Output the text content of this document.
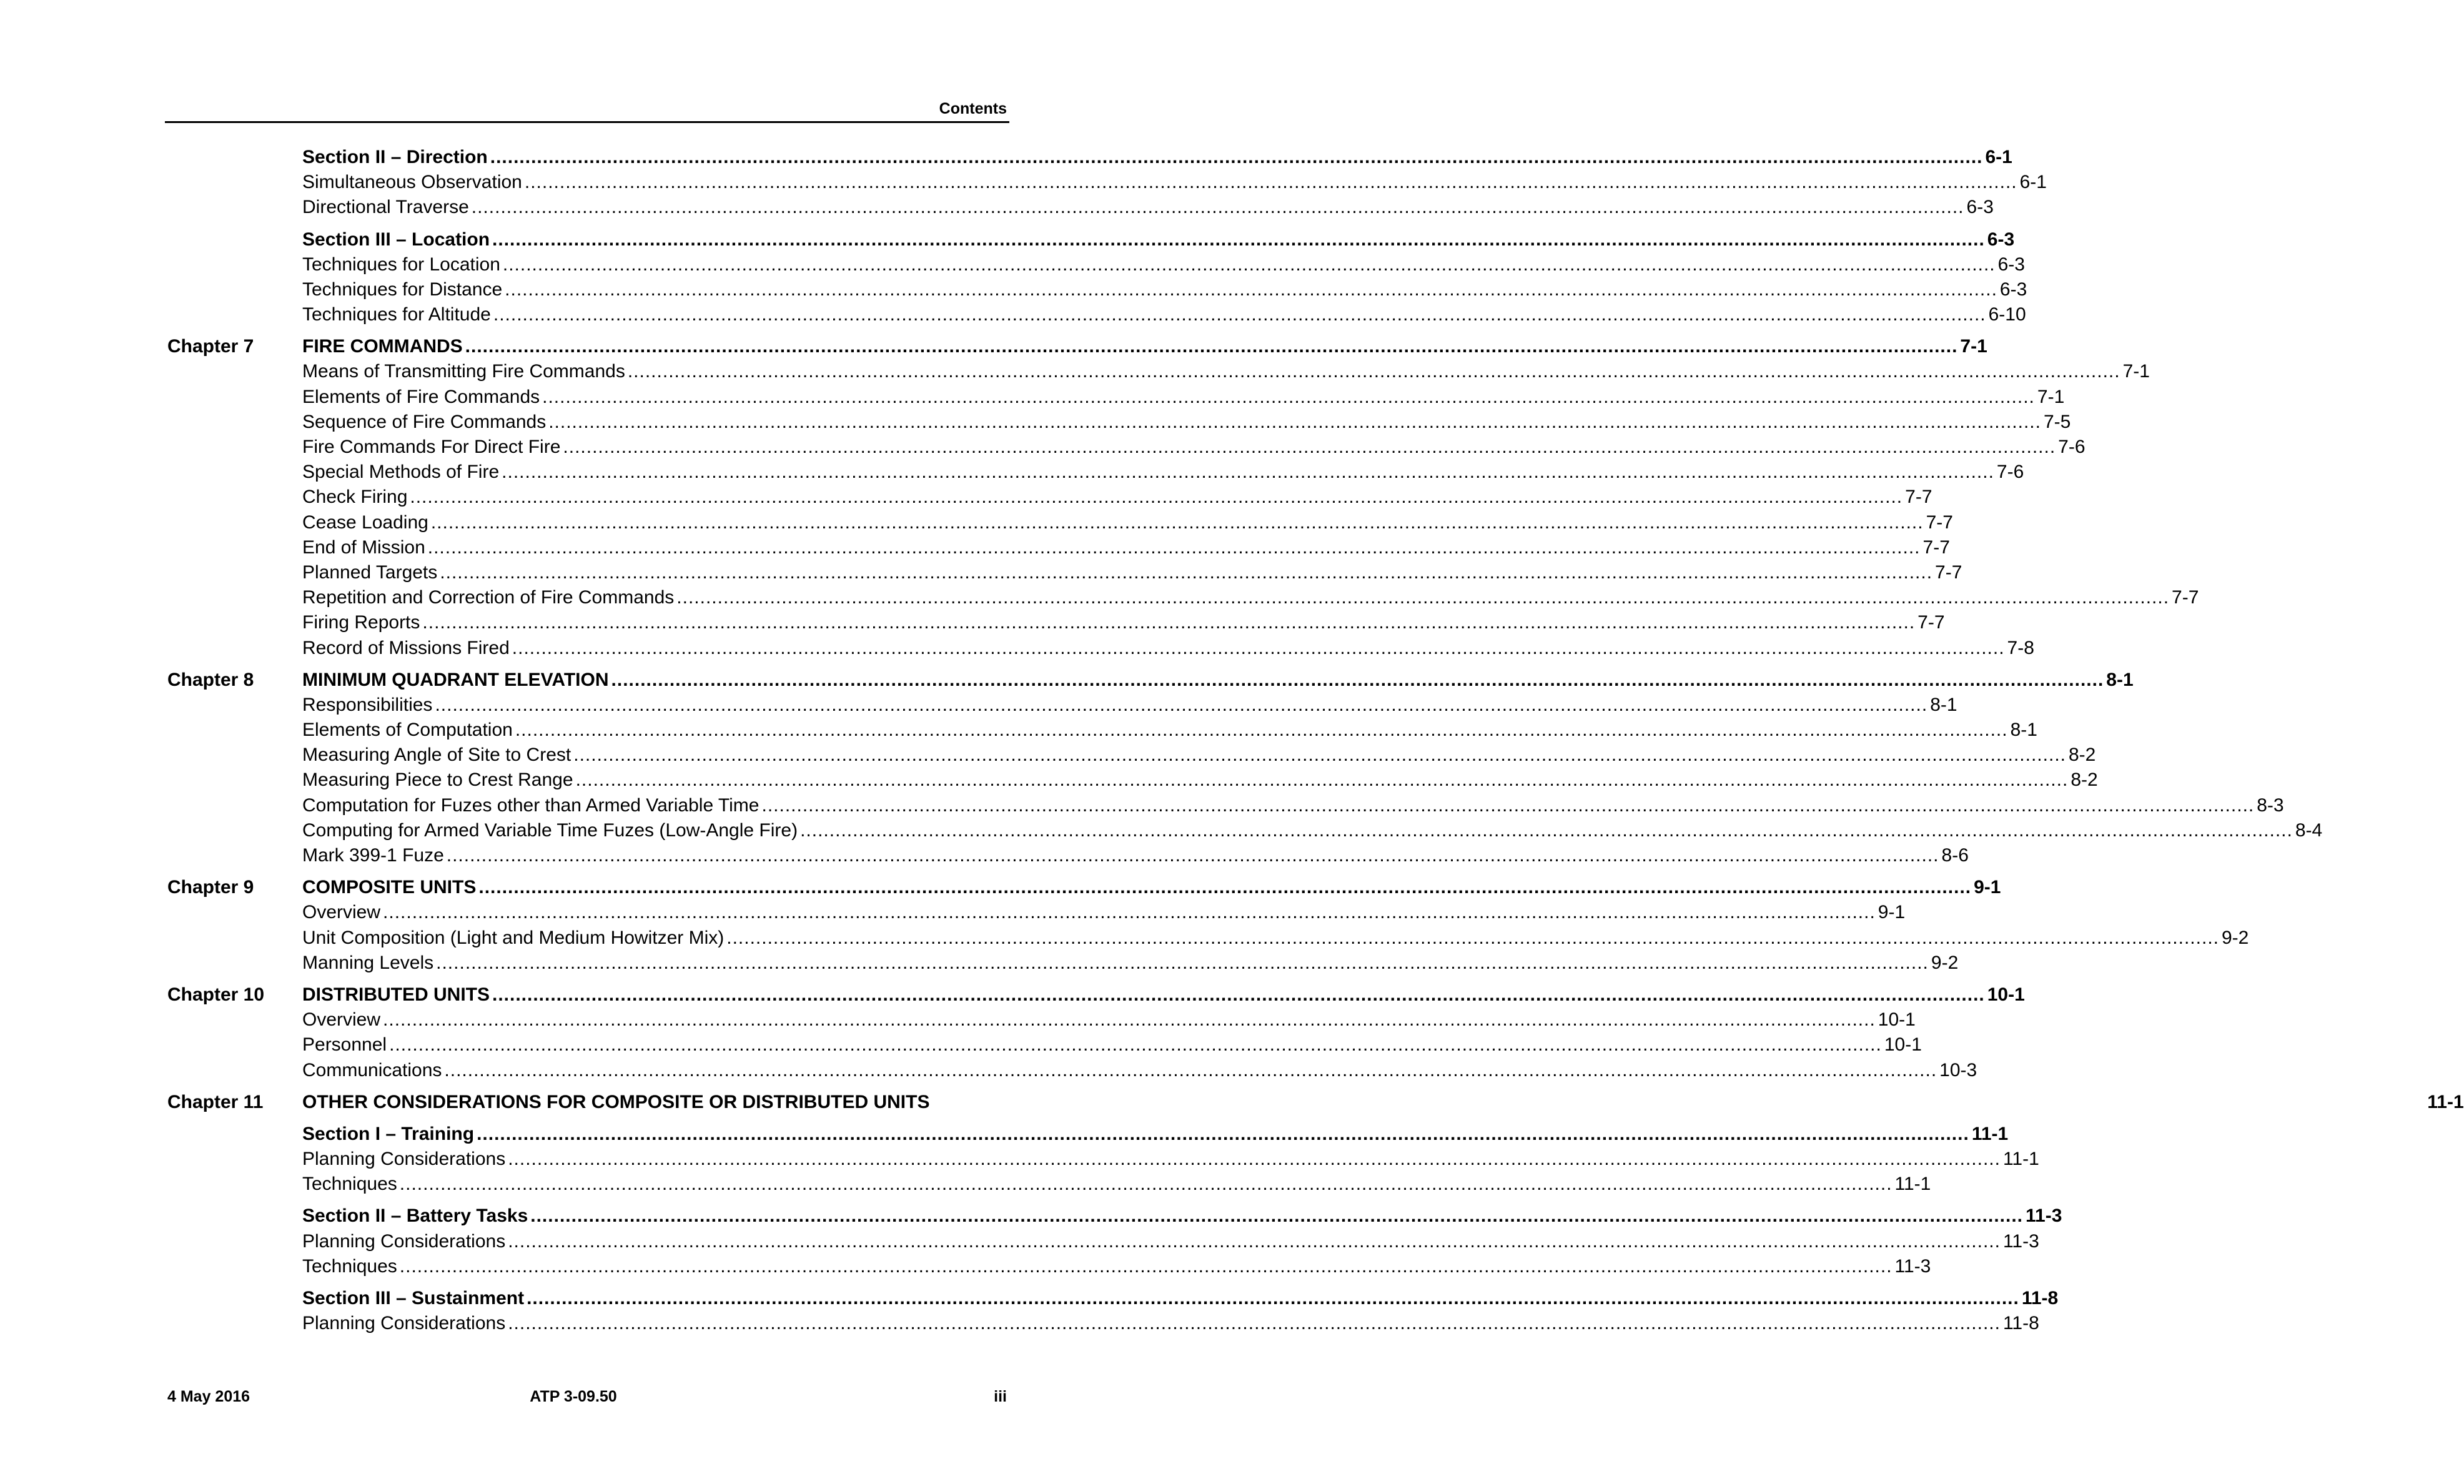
Contents
Section II – Direction .....	6-1
Simultaneous Observation .....	6-1
Directional Traverse .....	6-3
Section III – Location .....	6-3
Techniques for Location .....	6-3
Techniques for Distance .....	6-3
Techniques for Altitude .....	6-10
Chapter 7	FIRE COMMANDS .....	7-1
Means of Transmitting Fire Commands .....	7-1
Elements of Fire Commands .....	7-1
Sequence of Fire Commands .....	7-5
Fire Commands For Direct Fire .....	7-6
Special Methods of Fire .....	7-6
Check Firing .....	7-7
Cease Loading .....	7-7
End of Mission .....	7-7
Planned Targets .....	7-7
Repetition and Correction of Fire Commands .....	7-7
Firing Reports .....	7-7
Record of Missions Fired .....	7-8
Chapter 8	MINIMUM QUADRANT ELEVATION .....	8-1
Responsibilities .....	8-1
Elements of Computation .....	8-1
Measuring Angle of Site to Crest .....	8-2
Measuring Piece to Crest Range .....	8-2
Computation for Fuzes other than Armed Variable Time .....	8-3
Computing for Armed Variable Time Fuzes (Low-Angle Fire) .....	8-4
Mark 399-1 Fuze .....	8-6
Chapter 9	COMPOSITE UNITS .....	9-1
Overview .....	9-1
Unit Composition (Light and Medium Howitzer Mix) .....	9-2
Manning Levels .....	9-2
Chapter 10	DISTRIBUTED UNITS .....	10-1
Overview .....	10-1
Personnel .....	10-1
Communications .....	10-3
Chapter 11	OTHER CONSIDERATIONS FOR COMPOSITE OR DISTRIBUTED UNITS	11-1
Section I – Training .....	11-1
Planning Considerations .....	11-1
Techniques .....	11-1
Section II – Battery Tasks .....	11-3
Planning Considerations .....	11-3
Techniques .....	11-3
Section III – Sustainment .....	11-8
Planning Considerations .....	11-8
4 May 2016	ATP 3-09.50	iii
